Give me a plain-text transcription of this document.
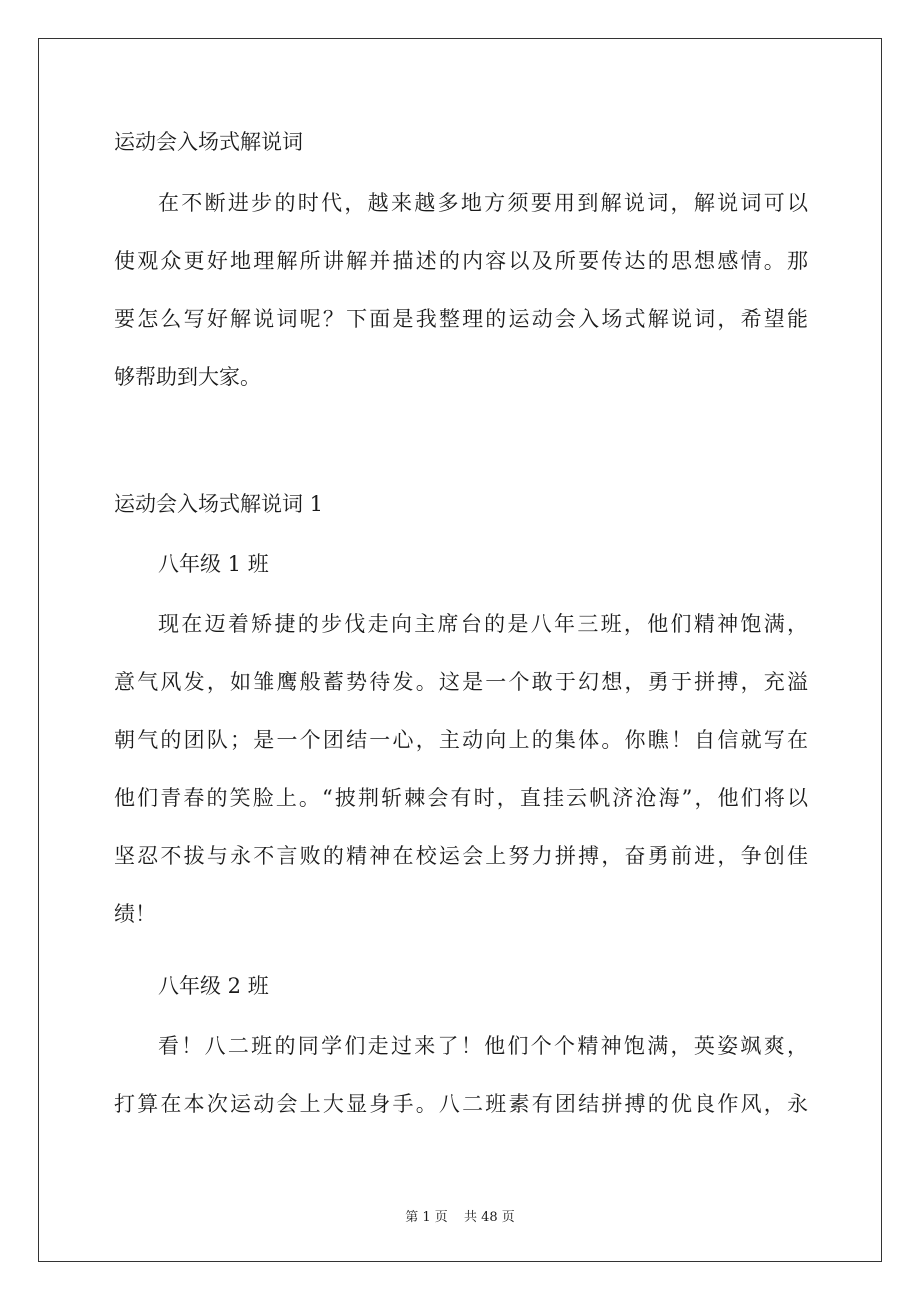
运动会入场式解说词
在不断进步的时代，越来越多地方须要用到解说词，解说词可以
使观众更好地理解所讲解并描述的内容以及所要传达的思想感情。那
要怎么写好解说词呢？下面是我整理的运动会入场式解说词，希望能
够帮助到大家。
运动会入场式解说词 1
八年级 1 班
现在迈着矫捷的步伐走向主席台的是八年三班，他们精神饱满，
意气风发，如雏鹰般蓄势待发。这是一个敢于幻想，勇于拼搏，充溢
朝气的团队；是一个团结一心，主动向上的集体。你瞧！自信就写在
他们青春的笑脸上。“披荆斩棘会有时，直挂云帆济沧海”，他们将以
坚忍不拔与永不言败的精神在校运会上努力拼搏，奋勇前进，争创佳
绩！
八年级 2 班
看！八二班的同学们走过来了！他们个个精神饱满，英姿飒爽，
打算在本次运动会上大显身手。八二班素有团结拼搏的优良作风，永
第 1 页 共 48 页
